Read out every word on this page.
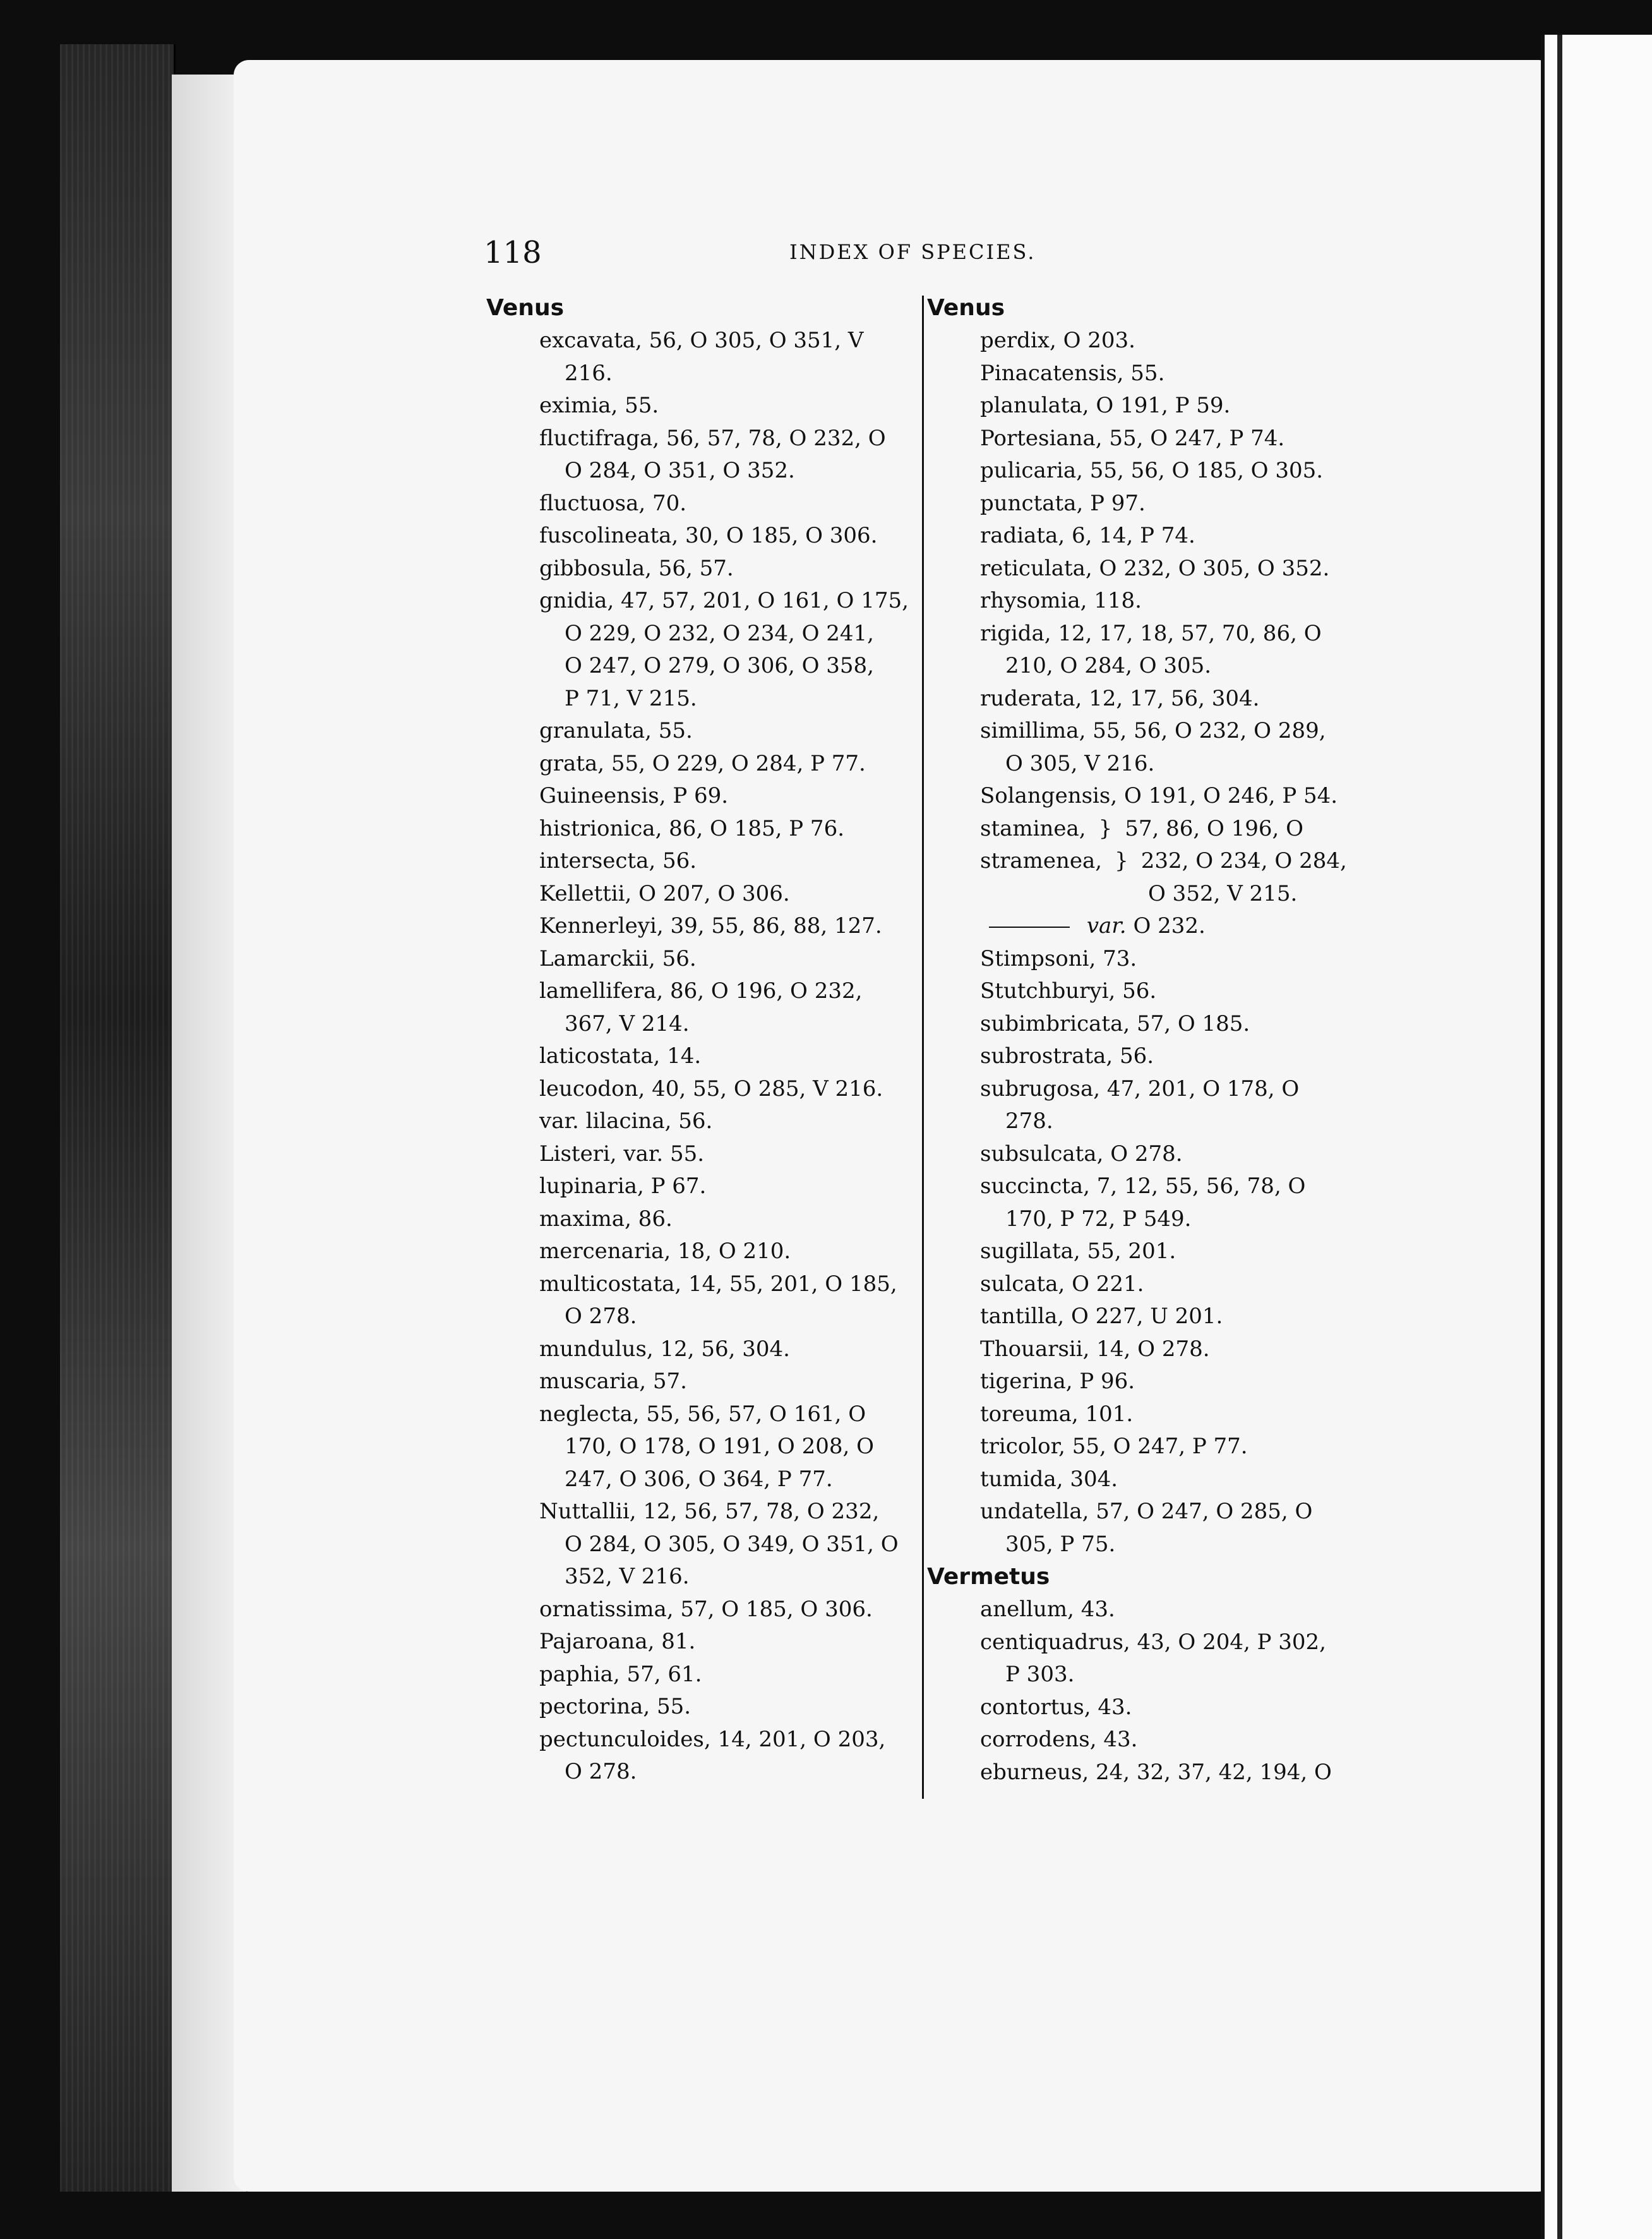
118	INDEX OF SPECIES.
Venus
excavata, 56, O 305, O 351, V
216.
eximia, 55.
fluctifraga, 56, 57, 78, O 232, O
O 284, O 351, O 352.
fluctuosa, 70.
fuscolineata, 30, O 185, O 306.
gibbosula, 56, 57.
gnidia, 47, 57, 201, O 161, O 175,
O 229, O 232, O 234, O 241,
O 247, O 279, O 306, O 358,
P 71, V 215.
granulata, 55.
grata, 55, O 229, O 284, P 77.
Guineensis, P 69.
histrionica, 86, O 185, P 76.
intersecta, 56.
Kellettii, O 207, O 306.
Kennerleyi, 39, 55, 86, 88, 127.
Lamarckii, 56.
lamellifera, 86, O 196, O 232,
367, V 214.
laticostata, 14.
leucodon, 40, 55, O 285, V 216.
var. lilacina, 56.
Listeri, var. 55.
lupinaria, P 67.
maxima, 86.
mercenaria, 18, O 210.
multicostata, 14, 55, 201, O 185,
O 278.
mundulus, 12, 56, 304.
muscaria, 57.
neglecta, 55, 56, 57, O 161, O
170, O 178, O 191, O 208, O
247, O 306, O 364, P 77.
Nuttallii, 12, 56, 57, 78, O 232,
O 284, O 305, O 349, O 351, O
352, V 216.
ornatissima, 57, O 185, O 306.
Pajaroana, 81.
paphia, 57, 61.
pectorina, 55.
pectunculoides, 14, 201, O 203,
O 278.
Venus
perdix, O 203.
Pinacatensis, 55.
planulata, O 191, P 59.
Portesiana, 55, O 247, P 74.
pulicaria, 55, 56, O 185, O 305.
punctata, P 97.
radiata, 6, 14, P 74.
reticulata, O 232, O 305, O 352.
rhysomia, 118.
rigida, 12, 17, 18, 57, 70, 86, O
210, O 284, O 305.
ruderata, 12, 17, 56, 304.
simillima, 55, 56, O 232, O 289,
O 305, V 216.
Solangensis, O 191, O 246, P 54.
staminea, } 57, 86, O 196, O
stramenea, } 232, O 234, O 284,
O 352, V 215.
var. O 232.
Stimpsoni, 73.
Stutchburyi, 56.
subimbricata, 57, O 185.
subrostrata, 56.
subrugosa, 47, 201, O 178, O
278.
subsulcata, O 278.
succincta, 7, 12, 55, 56, 78, O
170, P 72, P 549.
sugillata, 55, 201.
sulcata, O 221.
tantilla, O 227, U 201.
Thouarsii, 14, O 278.
tigerina, P 96.
toreuma, 101.
tricolor, 55, O 247, P 77.
tumida, 304.
undatella, 57, O 247, O 285, O
305, P 75.
Vermetus
anellum, 43.
centiquadrus, 43, O 204, P 302,
P 303.
contortus, 43.
corrodens, 43.
eburneus, 24, 32, 37, 42, 194, O
